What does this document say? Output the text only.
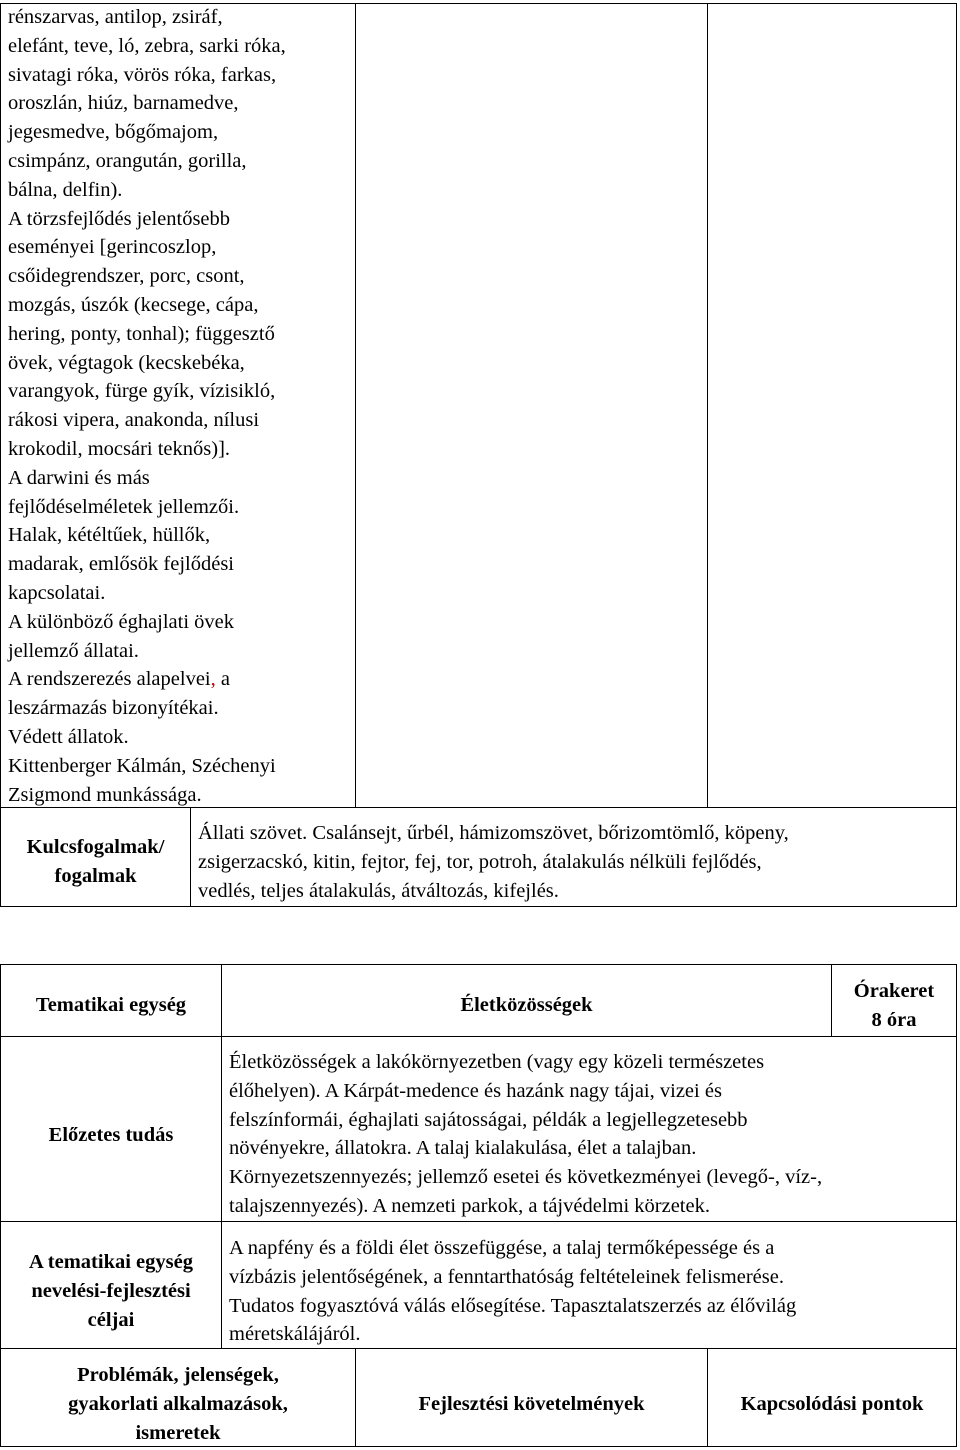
rénszarvas, antilop, zsiráf,
elefánt, teve, ló, zebra, sarki róka,
sivatagi róka, vörös róka, farkas,
oroszlán, hiúz, barnamedve,
jegesmedve, bőgőmajom,
csimpánz, orangután, gorilla,
bálna, delfin).
A törzsfejlődés jelentősebb
eseményei [gerincoszlop,
csőidegrendszer, porc, csont,
mozgás, úszók (kecsege, cápa,
hering, ponty, tonhal); függesztő
övek, végtagok (kecskebéka,
varangyok, fürge gyík, vízisikló,
rákosi vipera, anakonda, nílusi
krokodil, mocsári teknős)].
A darwini és más
fejlődéselméletek jellemzői.
Halak, kétéltűek, hüllők,
madarak, emlősök fejlődési
kapcsolatai.
A különböző éghajlati övek
jellemző állatai.
A rendszerezés alapelvei, a
leszármazás bizonyítékai.
Védett állatok.
Kittenberger Kálmán, Széchenyi
Zsigmond munkássága.
Kulcsfogalmak/
fogalmak
Állati szövet. Csalánsejt, űrbél, hámizomszövet, bőrizomtömlő, köpeny,
zsigerzacskó, kitin, fejtor, fej, tor, potroh, átalakulás nélküli fejlődés,
vedlés, teljes átalakulás, átváltozás, kifejlés.
Tematikai egység	Életközösségek
Órakeret
8 óra
Előzetes tudás
Életközösségek a lakókörnyezetben (vagy egy közeli természetes
élőhelyen). A Kárpát-medence és hazánk nagy tájai, vizei és
felszínformái, éghajlati sajátosságai, példák a legjellegzetesebb
növényekre, állatokra. A talaj kialakulása, élet a talajban.
Környezetszennyezés; jellemző esetei és következményei (levegő-, víz-,
talajszennyezés). A nemzeti parkok, a tájvédelmi körzetek.
A tematikai egység
nevelési-fejlesztési
céljai
A napfény és a földi élet összefüggése, a talaj termőképessége és a
vízbázis jelentőségének, a fenntarthatóság feltételeinek felismerése.
Tudatos fogyasztóvá válás elősegítése. Tapasztalatszerzés az élővilág
méretskálájáról.
Problémák, jelenségek,
gyakorlati alkalmazások,
ismeretek
Fejlesztési követelmények	Kapcsolódási pontok
